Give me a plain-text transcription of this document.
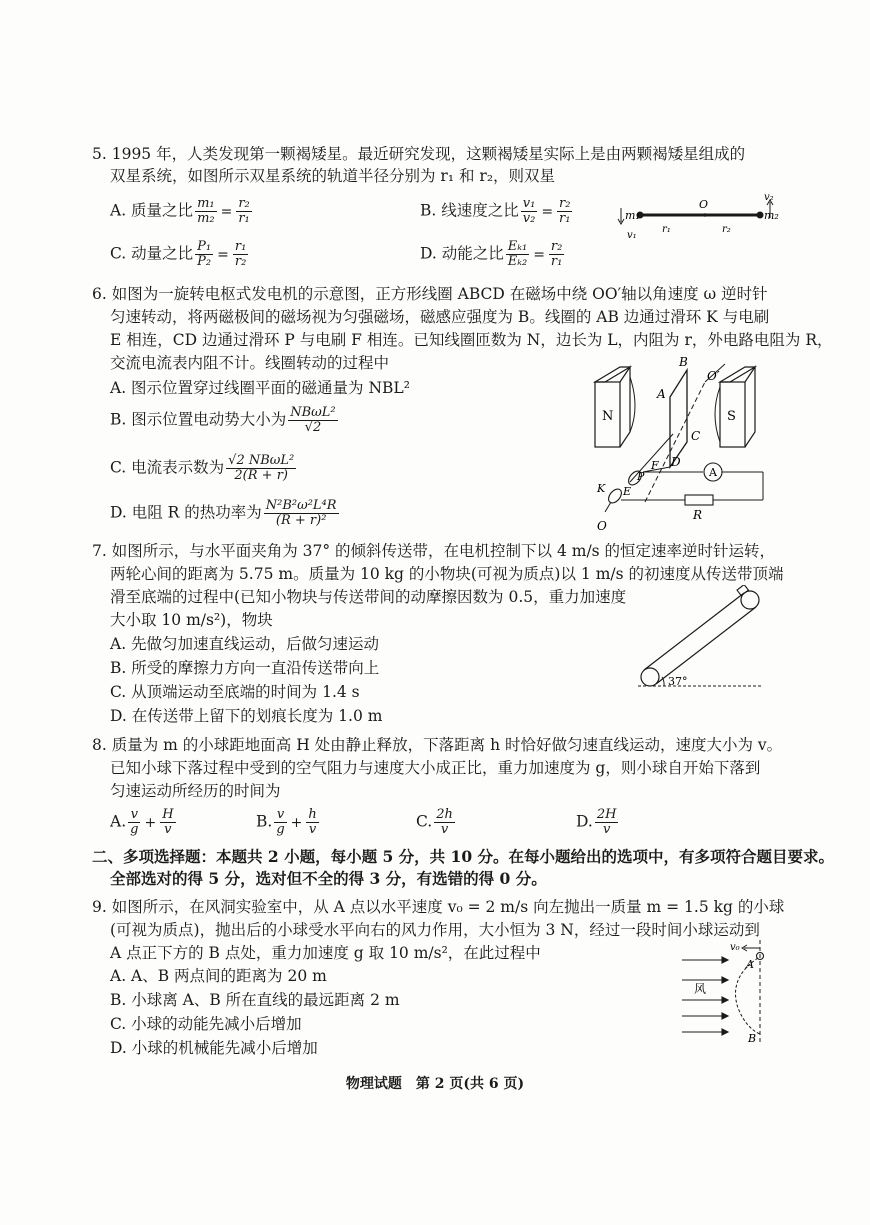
5. 1995 年，人类发现第一颗褐矮星。最近研究发现，这颗褐矮星实际上是由两颗褐矮星组成的
双星系统，如图所示双星系统的轨道半径分别为 r₁ 和 r₂，则双星
A. 质量之比 $\frac{\text{m₁}}{\text{m₂}} = \frac{\text{r₂}}{\text{r₁}}$	B. 线速度之比 $\frac{\text{v₁}}{\text{v₂}} = \frac{\text{r₂}}{\text{r₁}}$
C. 动量之比 $\frac{\text{P₁}}{\text{P₂}} = \frac{\text{r₁}}{\text{r₂}}$	D. 动能之比 $\frac{\text{Eₖ₁}}{\text{Eₖ₂}} = \frac{\text{r₂}}{\text{r₁}}$
m₁	m₂
O
r₁	r₂
v₁
v₂
6. 如图为一旋转电枢式发电机的示意图，正方形线圈 ABCD 在磁场中绕 OO′轴以角速度 ω 逆时针
匀速转动，将两磁极间的磁场视为匀强磁场，磁感应强度为 B。线圈的 AB 边通过滑环 K 与电刷
E 相连，CD 边通过滑环 P 与电刷 F 相连。已知线圈匝数为 N，边长为 L，内阻为 r，外电路电阻为 R，
交流电流表内阻不计。线圈转动的过程中
A. 图示位置穿过线圈平面的磁通量为 NBL²
B. 图示位置电动势大小为 $\frac{\text{NBωL²}}{√2}$
C. 电流表示数为 $\frac{\text{√2 NBωL²}}{2(R + r)}$
D. 电阻 R 的热功率为 $\frac{\text{N²B²ω²L⁴R}}{\text{(R + r)²}}$
N	S
A
A
B
C
D
O′
O
K E
F
P
R
7. 如图所示，与水平面夹角为 37° 的倾斜传送带，在电机控制下以 4 m/s 的恒定速率逆时针运转，
两轮心间的距离为 5.75 m。质量为 10 kg 的小物块(可视为质点)以 1 m/s 的初速度从传送带顶端
滑至底端的过程中(已知小物块与传送带间的动摩擦因数为 0.5，重力加速度
大小取 10 m/s²)，物块
A. 先做匀加速直线运动，后做匀速运动
B. 所受的摩擦力方向一直沿传送带向上
C. 从顶端运动至底端的时间为 1.4 s
D. 在传送带上留下的划痕长度为 1.0 m
37°
8. 质量为 m 的小球距地面高 H 处由静止释放，下落距离 h 时恰好做匀速直线运动，速度大小为 v。
已知小球下落过程中受到的空气阻力与速度大小成正比，重力加速度为 g，则小球自开始下落到
匀速运动所经历的时间为
A. $\frac{v}{g} + \frac{H}{v}$	B. $\frac{v}{g} + \frac{h}{v}$	C. $\frac{2h}{v}$	D. $\frac{2H}{v}$
二、多项选择题：本题共 2 小题，每小题 5 分，共 10 分。在每小题给出的选项中，有多项符合题目要求。
全部选对的得 5 分，选对但不全的得 3 分，有选错的得 0 分。
9. 如图所示，在风洞实验室中，从 A 点以水平速度 v₀ = 2 m/s 向左抛出一质量 m = 1.5 kg 的小球
(可视为质点)，抛出后的小球受水平向右的风力作用，大小恒为 3 N，经过一段时间小球运动到
A 点正下方的 B 点处，重力加速度 g 取 10 m/s²，在此过程中
A. A、B 两点间的距离为 20 m
B. 小球离 A、B 所在直线的最远距离 2 m
C. 小球的动能先减小后增加
D. 小球的机械能先减小后增加
v₀
风
A
B
物理试题　第 2 页(共 6 页)
